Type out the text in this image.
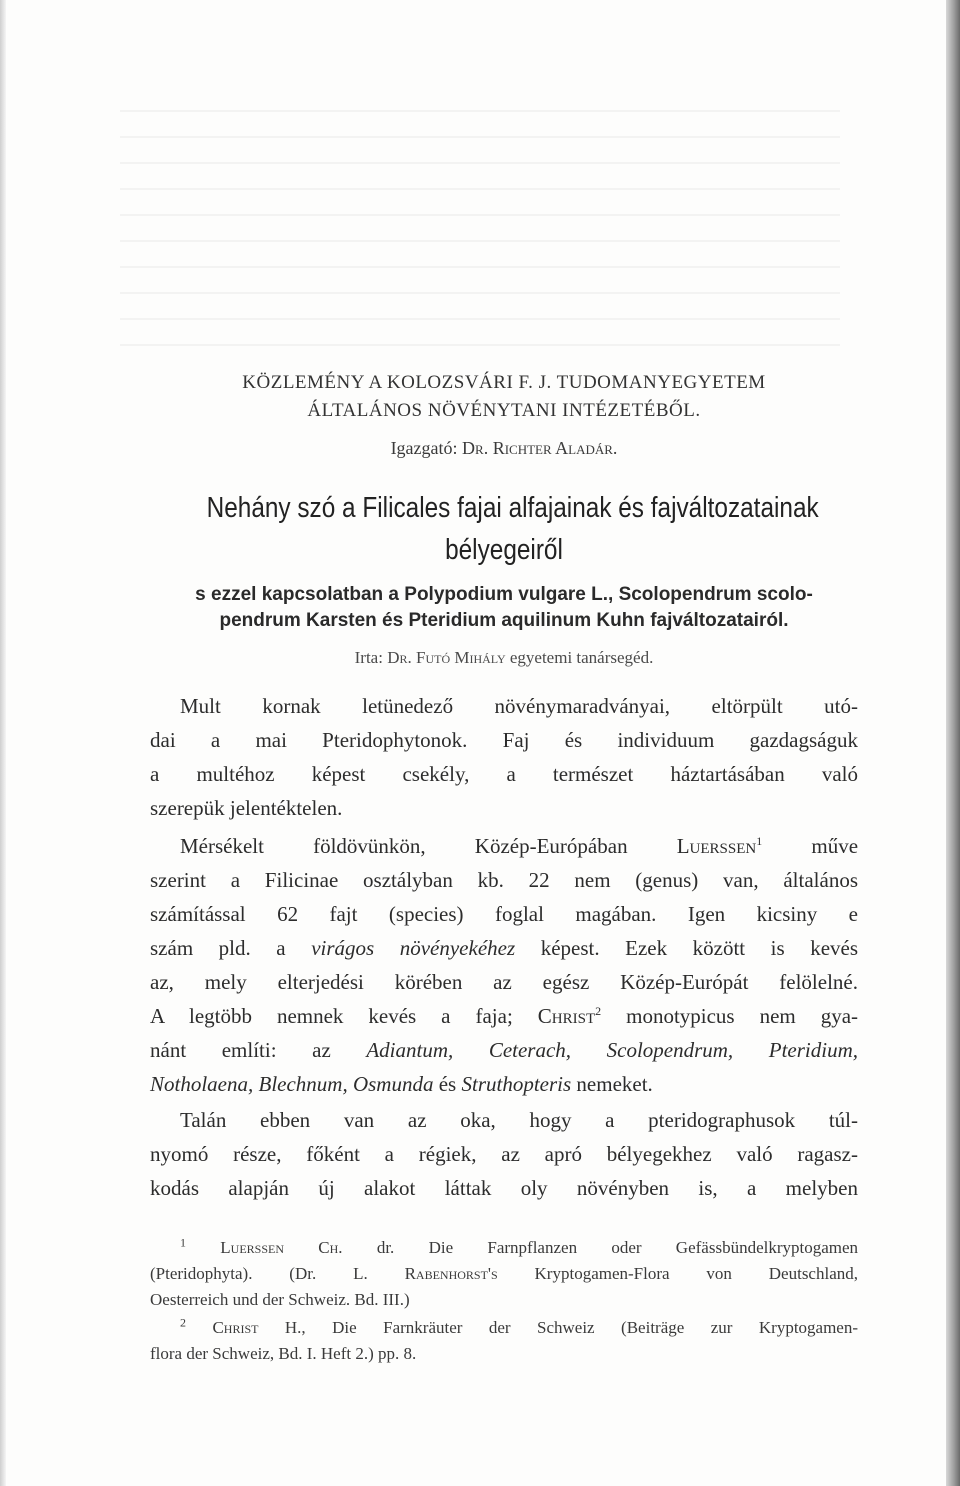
KÖZLEMÉNY A KOLOZSVÁRI F. J. TUDOMANYEGYETEM

ÁLTALÁNOS NÖVÉNYTANI INTÉZETÉBŐL.

Igazgató: Dr. Richter Aladár.

Nehány szó a Filicales fajai alfajainak és fajváltozatainak

bélyegeiről

s ezzel kapcsolatban a Polypodium vulgare L., Scolopendrum scolo-

pendrum Karsten és Pteridium aquilinum Kuhn fajváltozatairól.

Irta: Dr. Futó Mihály egyetemi tanársegéd.

Mult kornak letünedező növénymaradványai, eltörpült utó-

dai a mai Pteridophytonok. Faj és individuum gazdagságuk

a multéhoz képest csekély, a természet háztartásában való

szerepük jelentéktelen.

Mérsékelt földövünkön, Közép-Európában Luerssen$^1$ műve

szerint a Filicinae osztályban kb. 22 nem (genus) van, általános

számítással 62 fajt (species) foglal magában. Igen kicsiny e

szám pld. a virágos növényekéhez képest. Ezek között is kevés

az, mely elterjedési körében az egész Közép-Európát felölelné.

A legtöbb nemnek kevés a faja; Christ$^2$ monotypicus nem gya-

nánt említi: az Adiantum, Ceterach, Scolopendrum, Pteridium,

Notholaena, Blechnum, Osmunda és Struthopteris nemeket.

Talán ebben van az oka, hogy a pteridographusok túl-

nyomó része, főként a régiek, az apró bélyegekhez való ragasz-

kodás alapján új alakot láttak oly növényben is, a melyben

$^1$ Luerssen Ch. dr. Die Farnpflanzen oder Gefässbündelkryptogamen

(Pteridophyta). (Dr. L. Rabenhorst's Kryptogamen-Flora von Deutschland,

Oesterreich und der Schweiz. Bd. III.)

$^2$ Christ H., Die Farnkräuter der Schweiz (Beiträge zur Kryptogamen-

flora der Schweiz, Bd. I. Heft 2.) pp. 8.
